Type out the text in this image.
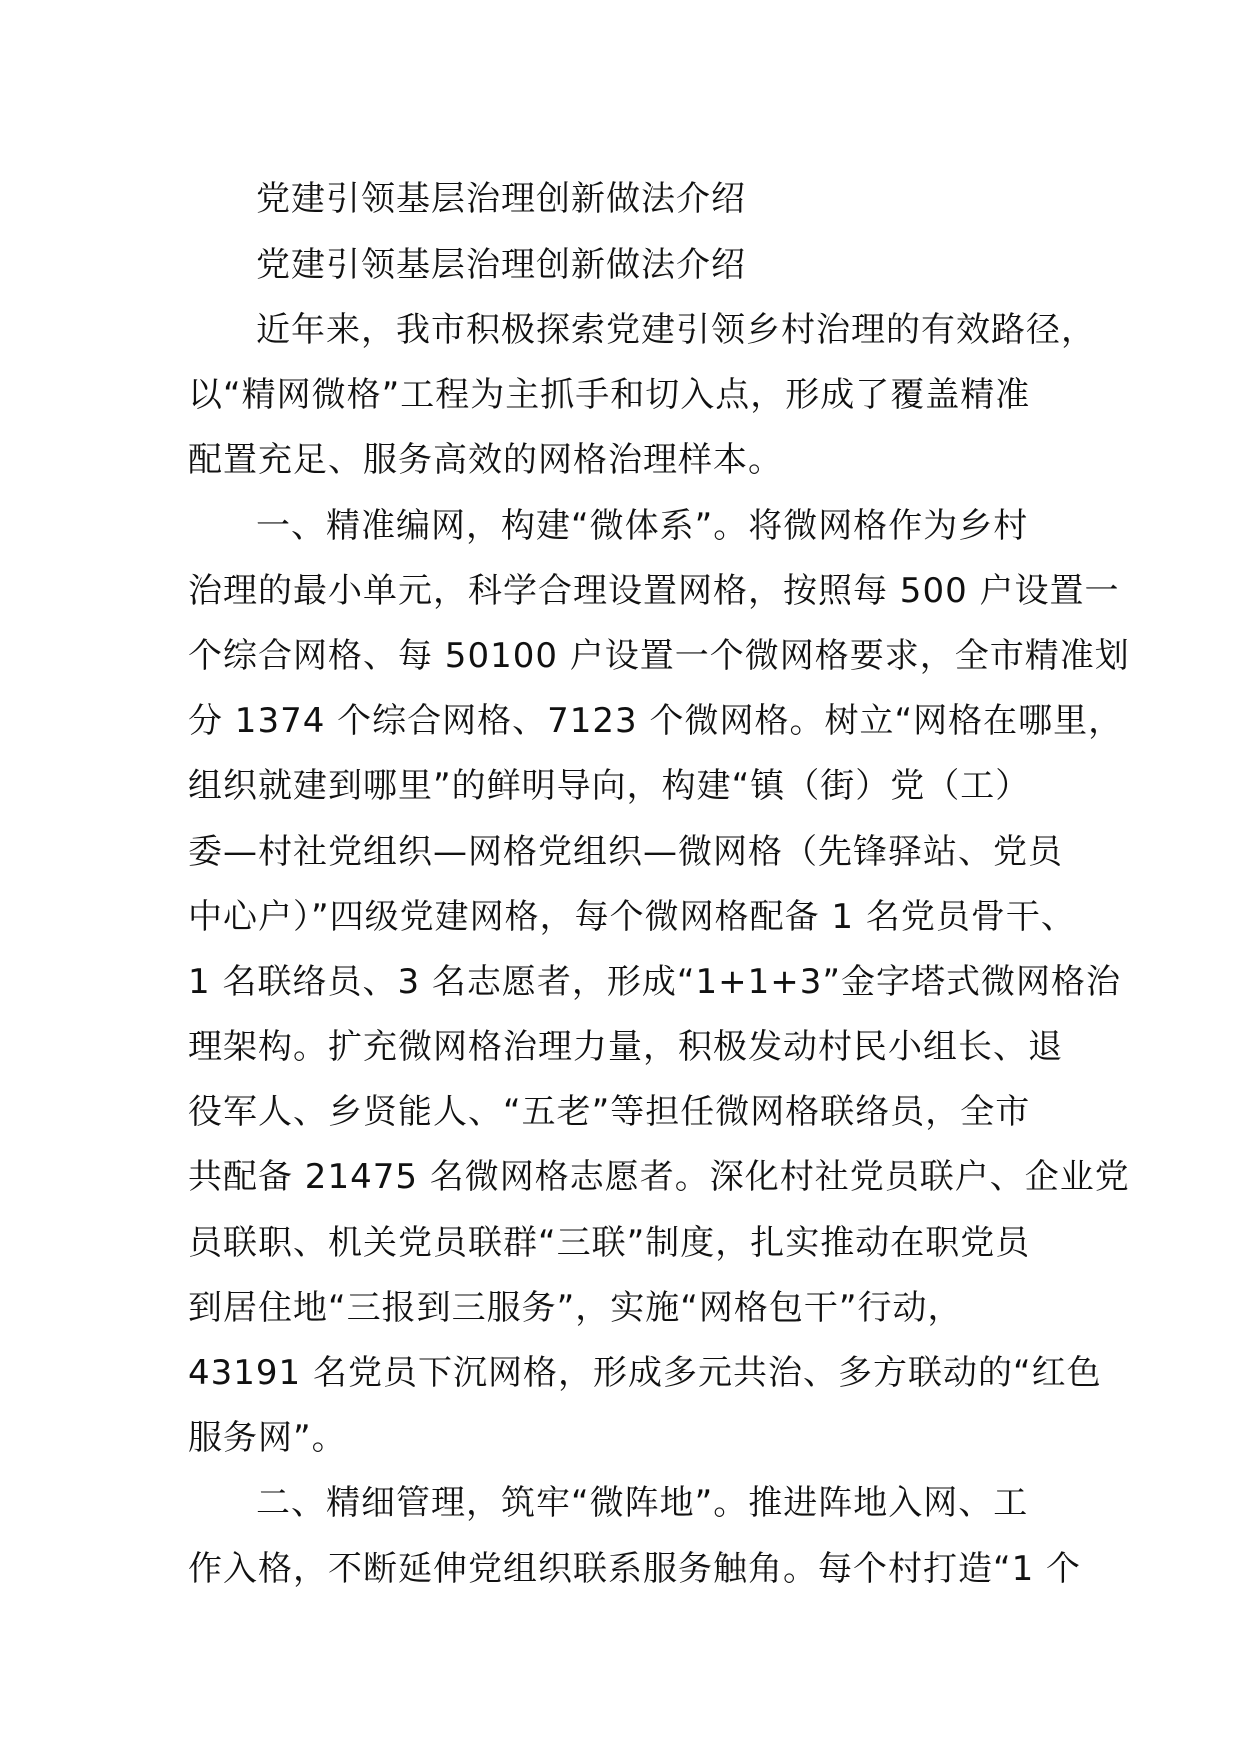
党建引领基层治理创新做法介绍
党建引领基层治理创新做法介绍
近年来，我市积极探索党建引领乡村治理的有效路径，
以“精网微格”工程为主抓手和切入点，形成了覆盖精准
配置充足、服务高效的网格治理样本。
一、精准编网，构建“微体系”。将微网格作为乡村
治理的最小单元，科学合理设置网格，按照每 500 户设置一
个综合网格、每 50100 户设置一个微网格要求，全市精准划
分 1374 个综合网格、7123 个微网格。树立“网格在哪里，
组织就建到哪里”的鲜明导向，构建“镇（街）党（工）
委—村社党组织—网格党组织—微网格（先锋驿站、党员
中心户）”四级党建网格，每个微网格配备 1 名党员骨干、
1 名联络员、3 名志愿者，形成“1+1+3”金字塔式微网格治
理架构。扩充微网格治理力量，积极发动村民小组长、退
役军人、乡贤能人、“五老”等担任微网格联络员，全市
共配备 21475 名微网格志愿者。深化村社党员联户、企业党
员联职、机关党员联群“三联”制度，扎实推动在职党员
到居住地“三报到三服务”，实施“网格包干”行动，
43191 名党员下沉网格，形成多元共治、多方联动的“红色
服务网”。
二、精细管理，筑牢“微阵地”。推进阵地入网、工
作入格，不断延伸党组织联系服务触角。每个村打造“1 个
